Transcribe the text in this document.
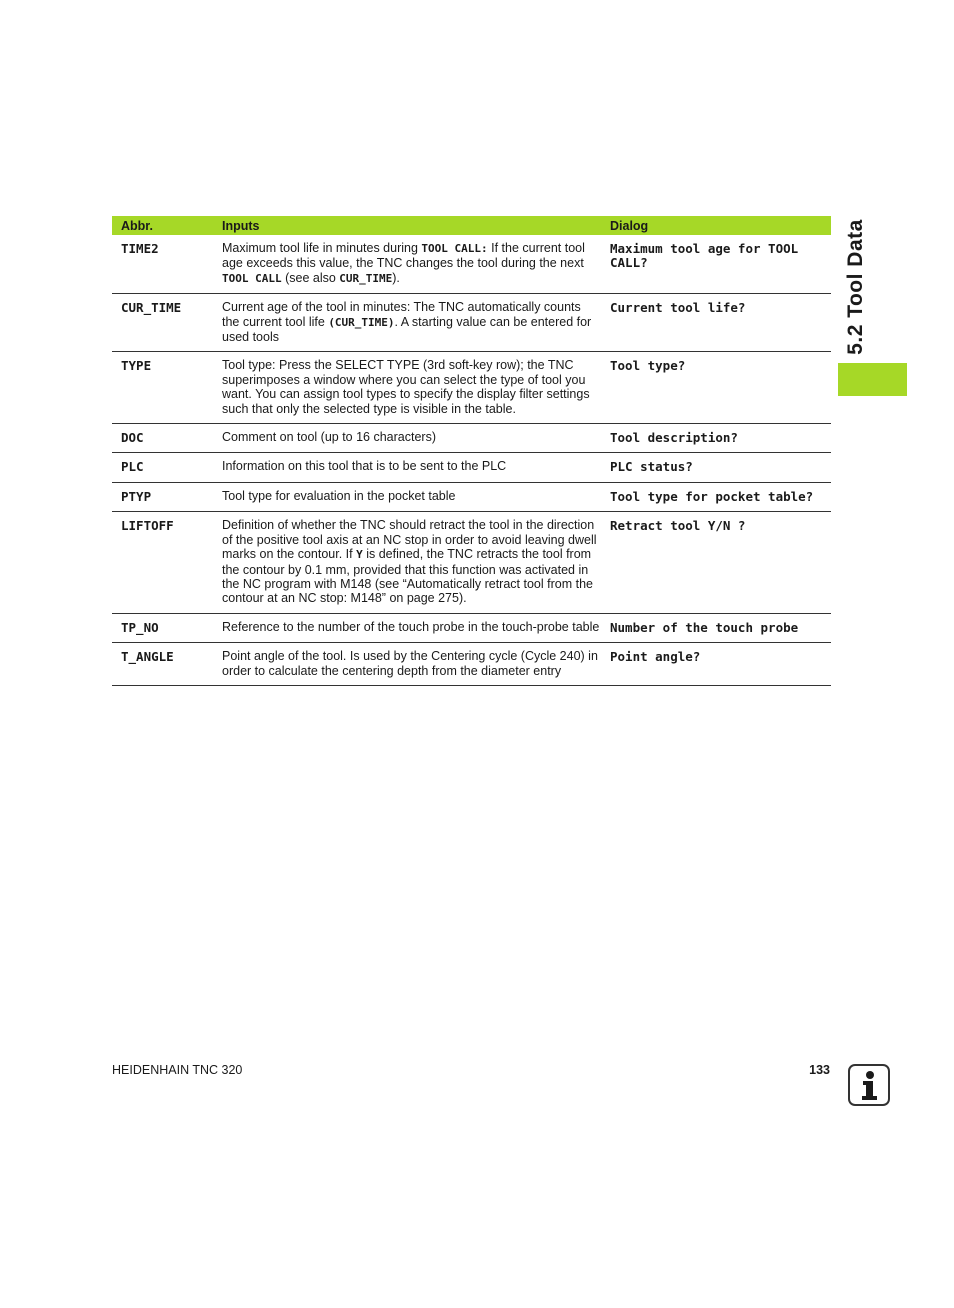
5.2 Tool Data
Abbr.	Inputs	Dialog
TIME2	Maximum tool life in minutes during TOOL CALL: If the current tool age exceeds this value, the TNC changes the tool during the next TOOL CALL (see also CUR_TIME).	Maximum tool age for TOOL CALL?
CUR_TIME	Current age of the tool in minutes: The TNC automatically counts the current tool life (CUR_TIME). A starting value can be entered for used tools	Current tool life?
TYPE	Tool type: Press the SELECT TYPE (3rd soft-key row); the TNC superimposes a window where you can select the type of tool you want. You can assign tool types to specify the display filter settings such that only the selected type is visible in the table.	Tool type?
DOC	Comment on tool (up to 16 characters)	Tool description?
PLC	Information on this tool that is to be sent to the PLC	PLC status?
PTYP	Tool type for evaluation in the pocket table	Tool type for pocket table?
LIFTOFF	Definition of whether the TNC should retract the tool in the direction of the positive tool axis at an NC stop in order to avoid leaving dwell marks on the contour. If Y is defined, the TNC retracts the tool from the contour by 0.1 mm, provided that this function was activated in the NC program with M148 (see “Automatically retract tool from the contour at an NC stop: M148” on page 275).	Retract tool Y/N ?
TP_NO	Reference to the number of the touch probe in the touch-probe table	Number of the touch probe
T_ANGLE	Point angle of the tool. Is used by the Centering cycle (Cycle 240) in order to calculate the centering depth from the diameter entry	Point angle?
HEIDENHAIN TNC 320	133
